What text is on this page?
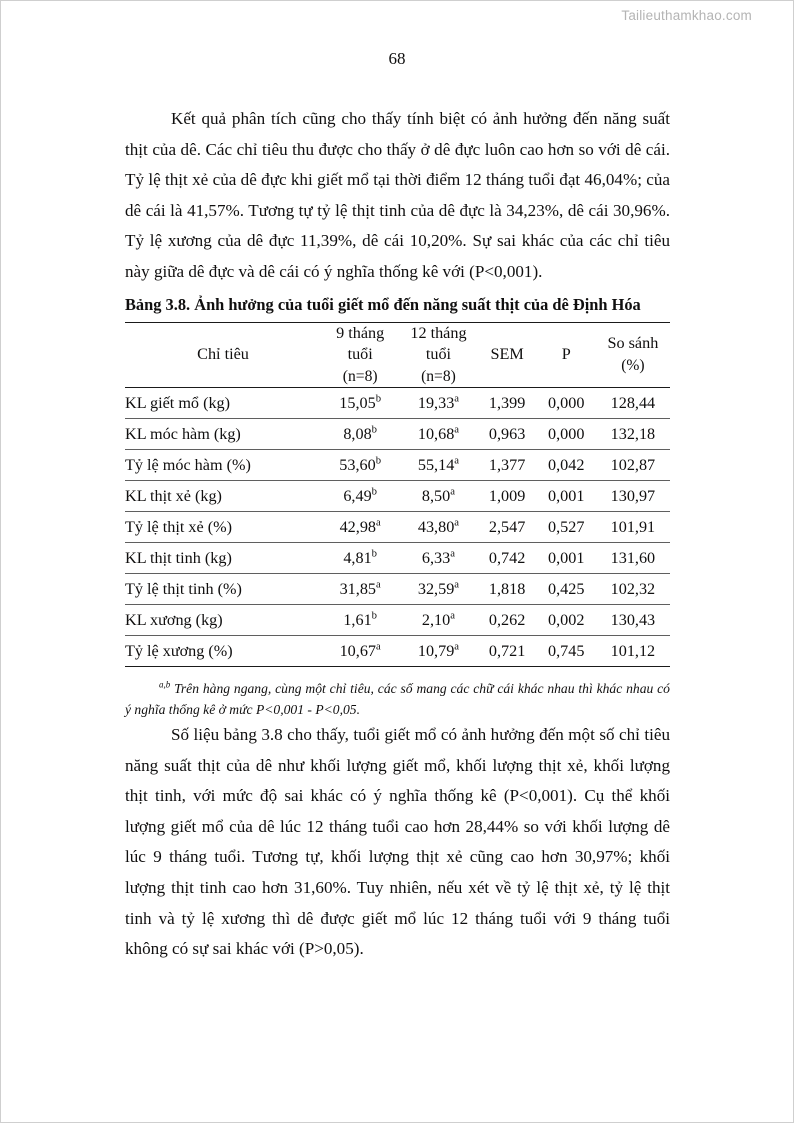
Tailieuthamkhao.com
68

Kết quả phân tích cũng cho thấy tính biệt có ảnh hưởng đến năng suất thịt của dê. Các chỉ tiêu thu được cho thấy ở dê đực luôn cao hơn so với dê cái. Tỷ lệ thịt xẻ của dê đực khi giết mổ tại thời điểm 12 tháng tuổi đạt 46,04%; của dê cái là 41,57%. Tương tự tỷ lệ thịt tinh của dê đực là 34,23%, dê cái 30,96%. Tỷ lệ xương của dê đực 11,39%, dê cái 10,20%. Sự sai khác của các chỉ tiêu này giữa dê đực và dê cái có ý nghĩa thống kê với (P<0,001).

Bảng 3.8. Ảnh hưởng của tuổi giết mổ đến năng suất thịt của dê Định Hóa

Chỉ tiêu	9 tháng
tuổi
(n=8)	12 tháng
tuổi
(n=8)	SEM	P	So sánh
(%)

KL giết mổ (kg)	15,05$^b$	19,33$^a$	1,399	0,000	128,44
KL móc hàm (kg)	8,08$^b$	10,68$^a$	0,963	0,000	132,18
Tỷ lệ móc hàm (%)	53,60$^b$	55,14$^a$	1,377	0,042	102,87
KL thịt xẻ (kg)	6,49$^b$	8,50$^a$	1,009	0,001	130,97
Tỷ lệ thịt xẻ (%)	42,98$^a$	43,80$^a$	2,547	0,527	101,91
KL thịt tinh (kg)	4,81$^b$	6,33$^a$	0,742	0,001	131,60
Tỷ lệ thịt tinh (%)	31,85$^a$	32,59$^a$	1,818	0,425	102,32
KL xương (kg)	1,61$^b$	2,10$^a$	0,262	0,002	130,43
Tỷ lệ xương (%)	10,67$^a$	10,79$^a$	0,721	0,745	101,12

$^{a,b}$ Trên hàng ngang, cùng một chỉ tiêu, các số mang các chữ cái khác nhau thì khác nhau có ý nghĩa thống kê ở mức P<0,001 - P<0,05.

Số liệu bảng 3.8 cho thấy, tuổi giết mổ có ảnh hưởng đến một số chỉ tiêu năng suất thịt của dê như khối lượng giết mổ, khối lượng thịt xẻ, khối lượng thịt tinh, với mức độ sai khác có ý nghĩa thống kê (P<0,001). Cụ thể khối lượng giết mổ của dê lúc 12 tháng tuổi cao hơn 28,44% so với khối lượng dê lúc 9 tháng tuổi. Tương tự, khối lượng thịt xẻ cũng cao hơn 30,97%; khối lượng thịt tinh cao hơn 31,60%. Tuy nhiên, nếu xét về tỷ lệ thịt xẻ, tỷ lệ thịt tinh và tỷ lệ xương thì dê được giết mổ lúc 12 tháng tuổi với 9 tháng tuổi không có sự sai khác với (P>0,05).
